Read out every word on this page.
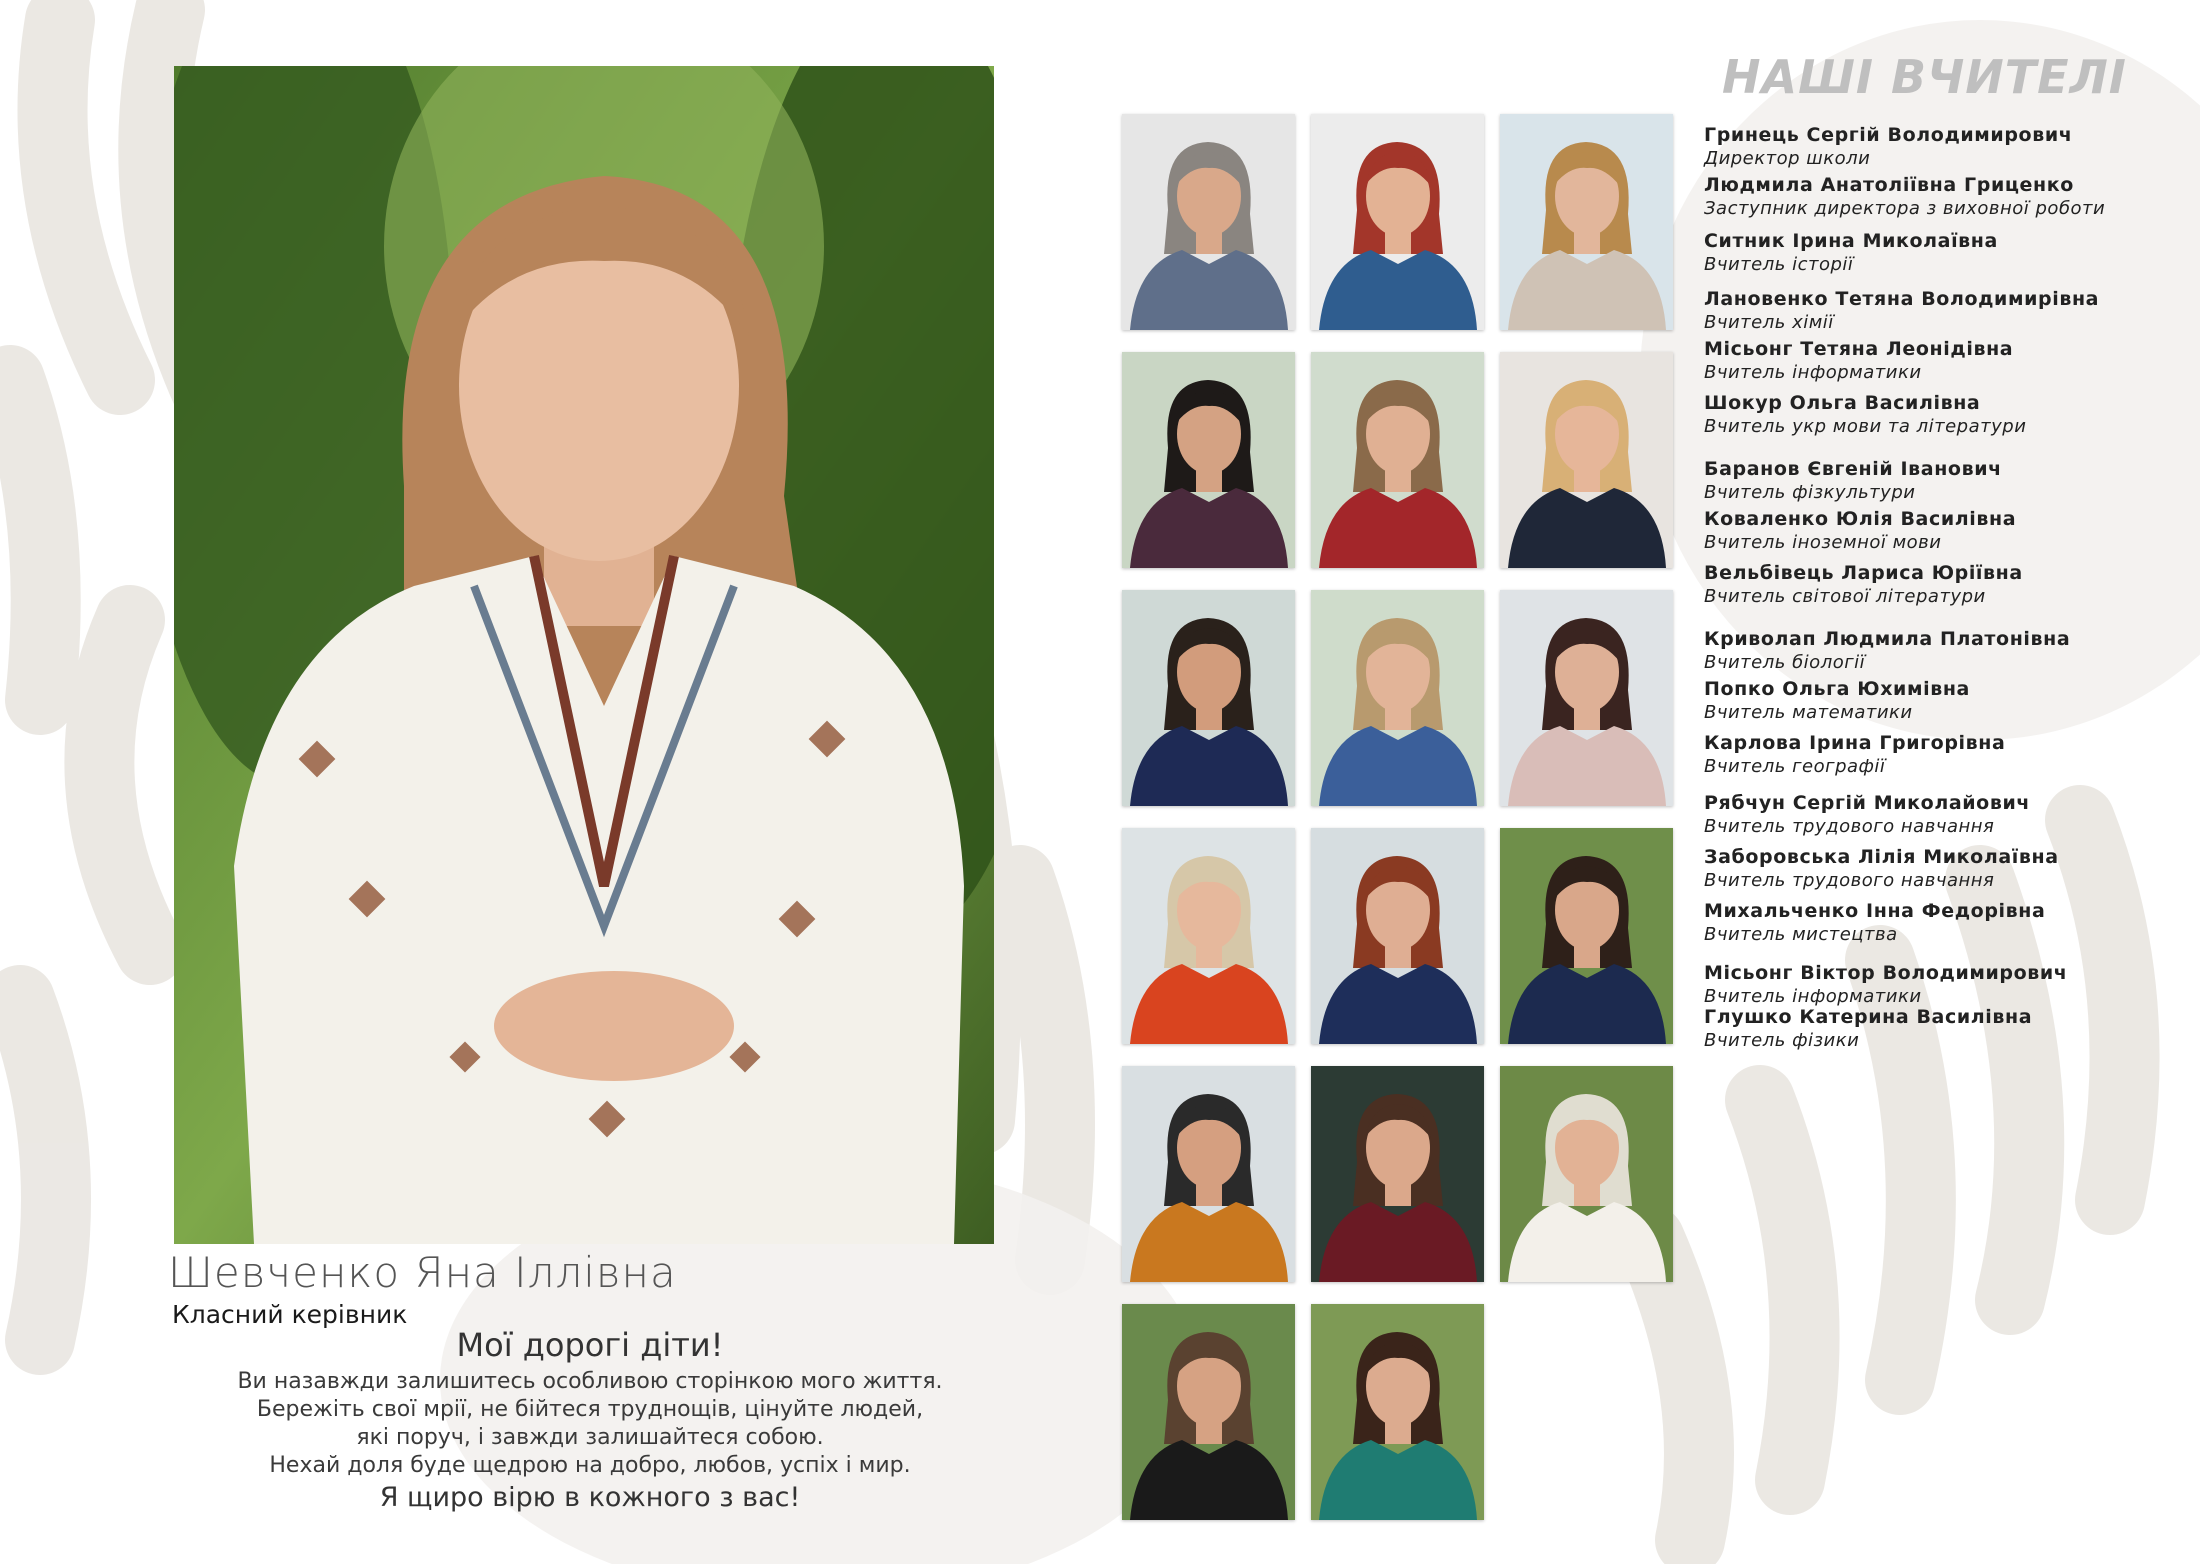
Шевченко Яна Іллівна
Класний керівник
Мої дорогі діти!
Ви назавжди залишитесь особливою сторінкою мого життя.
Бережіть свої мрії, не бійтеся труднощів, цінуйте людей,
які поруч, і завжди залишайтеся собою.
Нехай доля буде щедрою на добро, любов, успіх і мир.
Я щиро вірю в кожного з вас!
НАШІ ВЧИТЕЛІ
Гринець Сергій Володимирович
Директор школи
Людмила Анатоліївна Гриценко
Заступник директора з виховної роботи
Ситник Ірина Миколаївна
Вчитель історії
Лановенко Тетяна Володимирівна
Вчитель хімії
Місьонг Тетяна Леонідівна
Вчитель інформатики
Шокур Ольга Василівна
Вчитель укр мови та літератури
Баранов Євгеній Іванович
Вчитель фізкультури
Коваленко Юлія Василівна
Вчитель іноземної мови
Вельбівець Лариса Юріївна
Вчитель світової літератури
Криволап Людмила Платонівна
Вчитель біології
Попко Ольга Юхимівна
Вчитель математики
Карлова Ірина Григорівна
Вчитель географії
Рябчун Сергій Миколайович
Вчитель трудового навчання
Заборовська Лілія Миколаївна
Вчитель трудового навчання
Михальченко Інна Федорівна
Вчитель мистецтва
Місьонг Віктор Володимирович
Вчитель інформатики
Глушко Катерина Василівна
Вчитель фізики
